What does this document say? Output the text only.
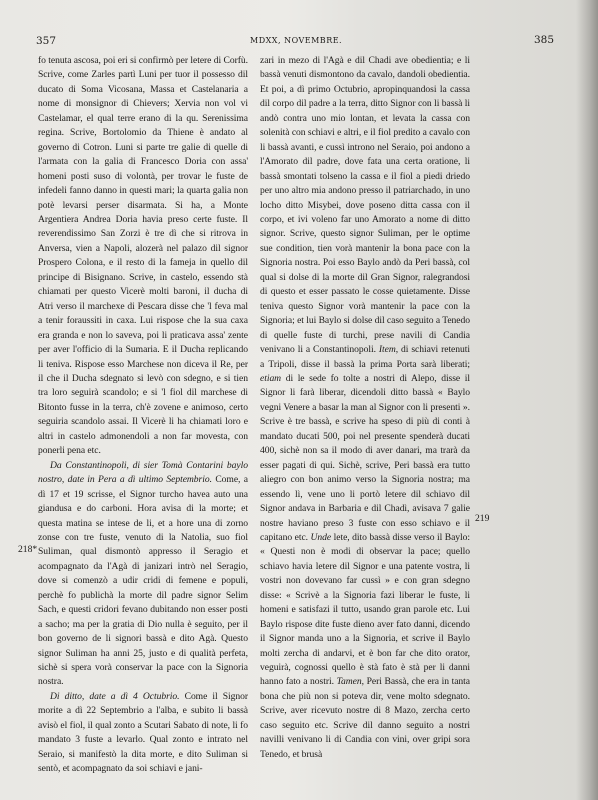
357	MDXX, NOVEMBRE.	385

fo tenuta ascosa, poi eri si confirmò per letere di Corfù. Scrive, come Zarles partì Luni per tuor il possesso dil ducato di Soma Vicosana, Massa et Castelanaria a nome di monsignor di Chievers; Xervia non vol vi Castelamar, el qual terre erano di la qu. Serenissima regina. Scrive, Bortolomio da Thiene è andato al governo di Cotron. Luni si parte tre galie di quelle di l'armata con la galia di Francesco Doria con assa' homeni posti suso di volontà, per trovar le fuste de infedeli fanno danno in questi mari; la quarta galia non potè levarsi perser disarmata. Si ha, a Monte Argentiera Andrea Doria havia preso certe fuste. Il reverendissimo San Zorzi è tre dì che si ritrova in Anversa, vien a Napoli, alozerà nel palazo dil signor Prospero Colona, e il resto di la fameja in quello dil principe di Bisignano. Scrive, in castelo, essendo stà chiamati per questo Vicerè molti baroni, il ducha di Atri verso il marchexe di Pescara disse che 'l feva mal a tenir foraussiti in caxa. Lui rispose che la sua caxa era granda e non lo saveva, poi li praticava assa' zente per aver l'officio di la Sumaria. E il Ducha replicando li teniva. Rispose esso Marchese non diceva il Re, per il che il Ducha sdegnato si levò con sdegno, e si tien tra loro seguirà scandolo; e si 'l fiol dil marchese di Bitonto fusse in la terra, ch'è zovene e animoso, certo seguiria scandolo assai. Il Vicerè li ha chiamati loro e altri in castelo admonendoli a non far movesta, con ponerli pena etc.

Da Constantinopoli, di sier Tomà Contarini baylo nostro, date in Pera a dì ultimo Septembrio. Come, a dì 17 et 19 scrisse, el Signor turcho havea auto una giandusa e do carboni. Hora avisa di la morte; et questa matina se intese de li, et a hore una di zorno zonse con tre fuste, venuto di la Natolia, suo fiol Suliman, qual dismontò appresso il Seragio et acompagnato da l'Agà di janizari intrò nel Seragio, dove si comenzò a udir cridi di femene e populi, perchè fo publichà la morte dil padre signor Selim Sach, e questi cridori fevano dubitando non esser posti a sacho; ma per la gratia di Dio nulla è seguito, per il bon governo de li signori bassà e dito Agà. Questo signor Suliman ha anni 25, justo e di qualità perfeta, sichè si spera vorà conservar la pace con la Signoria nostra.

Di ditto, date a dì 4 Octubrio. Come il Signor morite a dì 22 Septembrio a l'alba, e subito li bassà avisò el fiol, il qual zonto a Scutari Sabato di note, li fo mandato 3 fuste a levarlo. Qual zonto e intrato nel Seraio, si manifestò la dita morte, e dito Suliman si sentò, et acompagnato da soi schiavi e jani-

218*

zari in mezo di l'Agà e dil Chadi ave obedientia; e li bassà venuti dismontono da cavalo, dandoli obedientia. Et poi, a dì primo Octubrio, apropinquandosi la cassa dil corpo dil padre a la terra, ditto Signor con li bassà li andò contra uno mio lontan, et levata la cassa con solenità con schiavi e altri, e il fiol predito a cavalo con li bassà avanti, e cussì introno nel Seraio, poi andono a l'Amorato dil padre, dove fata una certa oratione, li bassà smontati tolseno la cassa e il fiol a piedi driedo per uno altro mia andono presso il patriarchado, in uno locho ditto Misybei, dove poseno ditta cassa con il corpo, et ivi voleno far uno Amorato a nome di ditto signor. Scrive, questo signor Suliman, per le optime sue condition, tien vorà mantenir la bona pace con la Signoria nostra. Poi esso Baylo andò da Peri bassà, col qual si dolse di la morte dil Gran Signor, ralegrandosi di questo et esser passato le cosse quietamente. Disse teniva questo Signor vorà mantenir la pace con la Signoria; et lui Baylo si dolse dil caso seguito a Tenedo di quelle fuste di turchi, prese navili di Candia venivano li a Constantinopoli. Item, di schiavi retenuti a Tripoli, disse il bassà la prima Porta sarà liberati; etiam di le sede fo tolte a nostri di Alepo, disse il Signor li farà liberar, dicendoli ditto bassà « Baylo vegni Venere a basar la man al Signor con li presenti ». Scrive è tre bassà, e scrive ha speso di più di conti à mandato ducati 500, poi nel presente spenderà ducati 400, sichè non sa il modo di aver danari, ma trarà da esser pagati di qui. Sichè, scrive, Peri bassà era tutto aliegro con bon animo verso la Signoria nostra; ma essendo lì, vene uno li portò letere dil schiavo dil Signor andava in Barbaria e dil Chadì, avisava 7 galie nostre haviano preso 3 fuste con esso schiavo e il capitano etc. Unde lete, dito bassà disse verso il Baylo: « Questi non è modi di observar la pace; quello schiavo havia letere dil Signor e una patente vostra, li vostri non dovevano far cussì » e con gran sdegno disse: « Scrivè a la Signoria fazi liberar le fuste, li homeni e satisfazi il tutto, usando gran parole etc. Lui Baylo rispose dite fuste dieno aver fato danni, dicendo il Signor manda uno a la Signoria, et scrive il Baylo molti zercha di andarvi, et è bon far che dito orator, veguirà, cognossi quello è stà fato è stà per li danni hanno fato a nostri. Tamen, Peri Bassà, che era in tanta bona che più non si poteva dir, vene molto sdegnato. Scrive, aver ricevuto nostre di 8 Mazo, zercha certo caso seguito etc. Scrive dil danno seguito a nostri navilli venivano li di Candia con vini, over gripi sora Tenedo, et brusà

219
